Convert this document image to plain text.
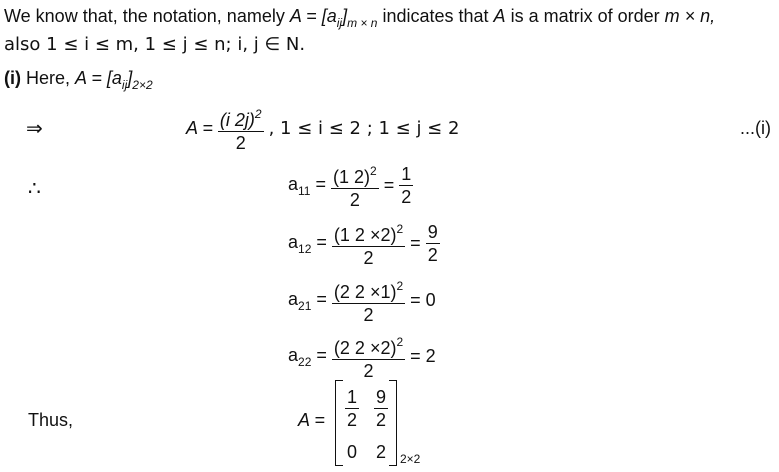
We know that, the notation, namely $A = [a_{ij}]_{m \times n}$ indicates that A is a matrix of order m × n,
also 1 ≤ i ≤ m, 1 ≤ j ≤ n; i, j ∈ N.
(i) Here, $A = [a_{ij}]_{2\times 2}$
⇒	$A = \frac{(i 2j)^2}{2}$ , 1 ≤ i ≤ 2 ; 1 ≤ j ≤ 2	...(i)
∴	$a_{11} = \frac{(1 2)^2}{2} = \frac{1}{2}$
$a_{12} = \frac{(1 2 \times 2)^2}{2} = \frac{9}{2}$
$a_{21} = \frac{(2 2 \times 1)^2}{2} = 0$
$a_{22} = \frac{(2 2 \times 2)^2}{2} = 2$
Thus,	$A = \frac{1}{2} \frac{9}{2}$
0	2	2×2
